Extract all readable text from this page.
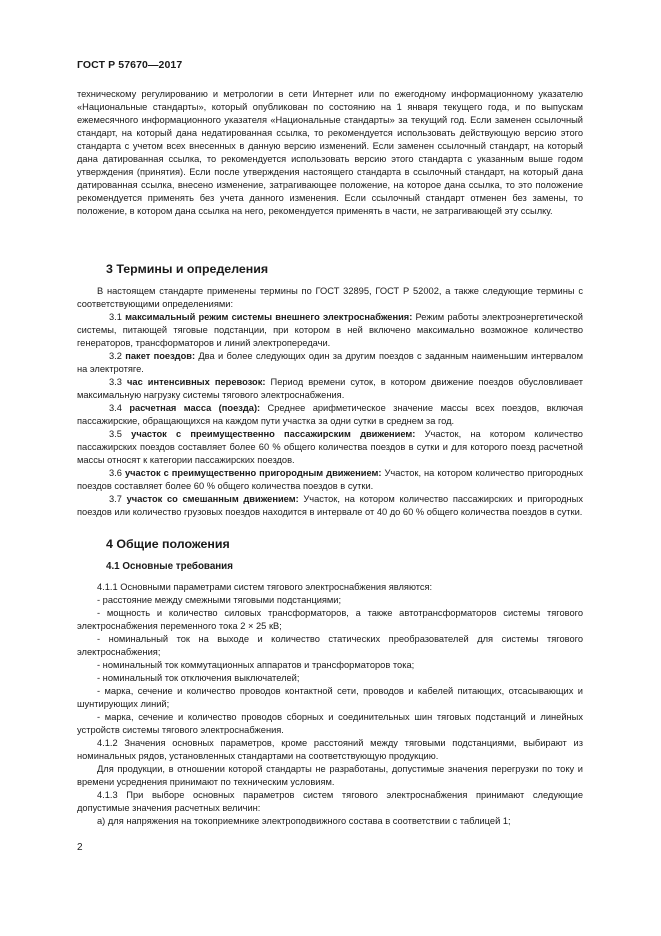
ГОСТ Р 57670—2017

техническому регулированию и метрологии в сети Интернет или по ежегодному информационному указателю «Национальные стандарты», который опубликован по состоянию на 1 января текущего года, и по выпускам ежемесячного информационного указателя «Национальные стандарты» за текущий год. Если заменен ссылочный стандарт, на который дана недатированная ссылка, то рекомендуется использовать действующую версию этого стандарта с учетом всех внесенных в данную версию изменений. Если заменен ссылочный стандарт, на который дана датированная ссылка, то рекомендуется использовать версию этого стандарта с указанным выше годом утверждения (принятия). Если после утверждения настоящего стандарта в ссылочный стандарт, на который дана датированная ссылка, внесено изменение, затрагивающее положение, на которое дана ссылка, то это положение рекомендуется применять без учета данного изменения. Если ссылочный стандарт отменен без замены, то положение, в котором дана ссылка на него, рекомендуется применять в части, не затрагивающей эту ссылку.

3 Термины и определения

В настоящем стандарте применены термины по ГОСТ 32895, ГОСТ Р 52002, а также следующие термины с соответствующими определениями:

3.1 максимальный режим системы внешнего электроснабжения: Режим работы электроэнергетической системы, питающей тяговые подстанции, при котором в ней включено максимально возможное количество генераторов, трансформаторов и линий электропередачи.

3.2 пакет поездов: Два и более следующих один за другим поездов с заданным наименьшим интервалом на электротяге.

3.3 час интенсивных перевозок: Период времени суток, в котором движение поездов обусловливает максимальную нагрузку системы тягового электроснабжения.

3.4 расчетная масса (поезда): Среднее арифметическое значение массы всех поездов, включая пассажирские, обращающихся на каждом пути участка за одни сутки в среднем за год.

3.5 участок с преимущественно пассажирским движением: Участок, на котором количество пассажирских поездов составляет более 60 % общего количества поездов в сутки и для которого поезд расчетной массы относят к категории пассажирских поездов.

3.6 участок с преимущественно пригородным движением: Участок, на котором количество пригородных поездов составляет более 60 % общего количества поездов в сутки.

3.7 участок со смешанным движением: Участок, на котором количество пассажирских и пригородных поездов или количество грузовых поездов находится в интервале от 40 до 60 % общего количества поездов в сутки.

4 Общие положения
4.1 Основные требования

4.1.1 Основными параметрами систем тягового электроснабжения являются:

- расстояние между смежными тяговыми подстанциями;

- мощность и количество силовых трансформаторов, а также автотрансформаторов системы тягового электроснабжения переменного тока 2 × 25 кВ;

- номинальный ток на выходе и количество статических преобразователей для системы тягового электроснабжения;

- номинальный ток коммутационных аппаратов и трансформаторов тока;

- номинальный ток отключения выключателей;

- марка, сечение и количество проводов контактной сети, проводов и кабелей питающих, отсасывающих и шунтирующих линий;

- марка, сечение и количество проводов сборных и соединительных шин тяговых подстанций и линейных устройств системы тягового электроснабжения.

4.1.2 Значения основных параметров, кроме расстояний между тяговыми подстанциями, выбирают из номинальных рядов, установленных стандартами на соответствующую продукцию.

Для продукции, в отношении которой стандарты не разработаны, допустимые значения перегрузки по току и времени усреднения принимают по техническим условиям.

4.1.3 При выборе основных параметров систем тягового электроснабжения принимают следующие допустимые значения расчетных величин:

а) для напряжения на токоприемнике электроподвижного состава в соответствии с таблицей 1;

2
